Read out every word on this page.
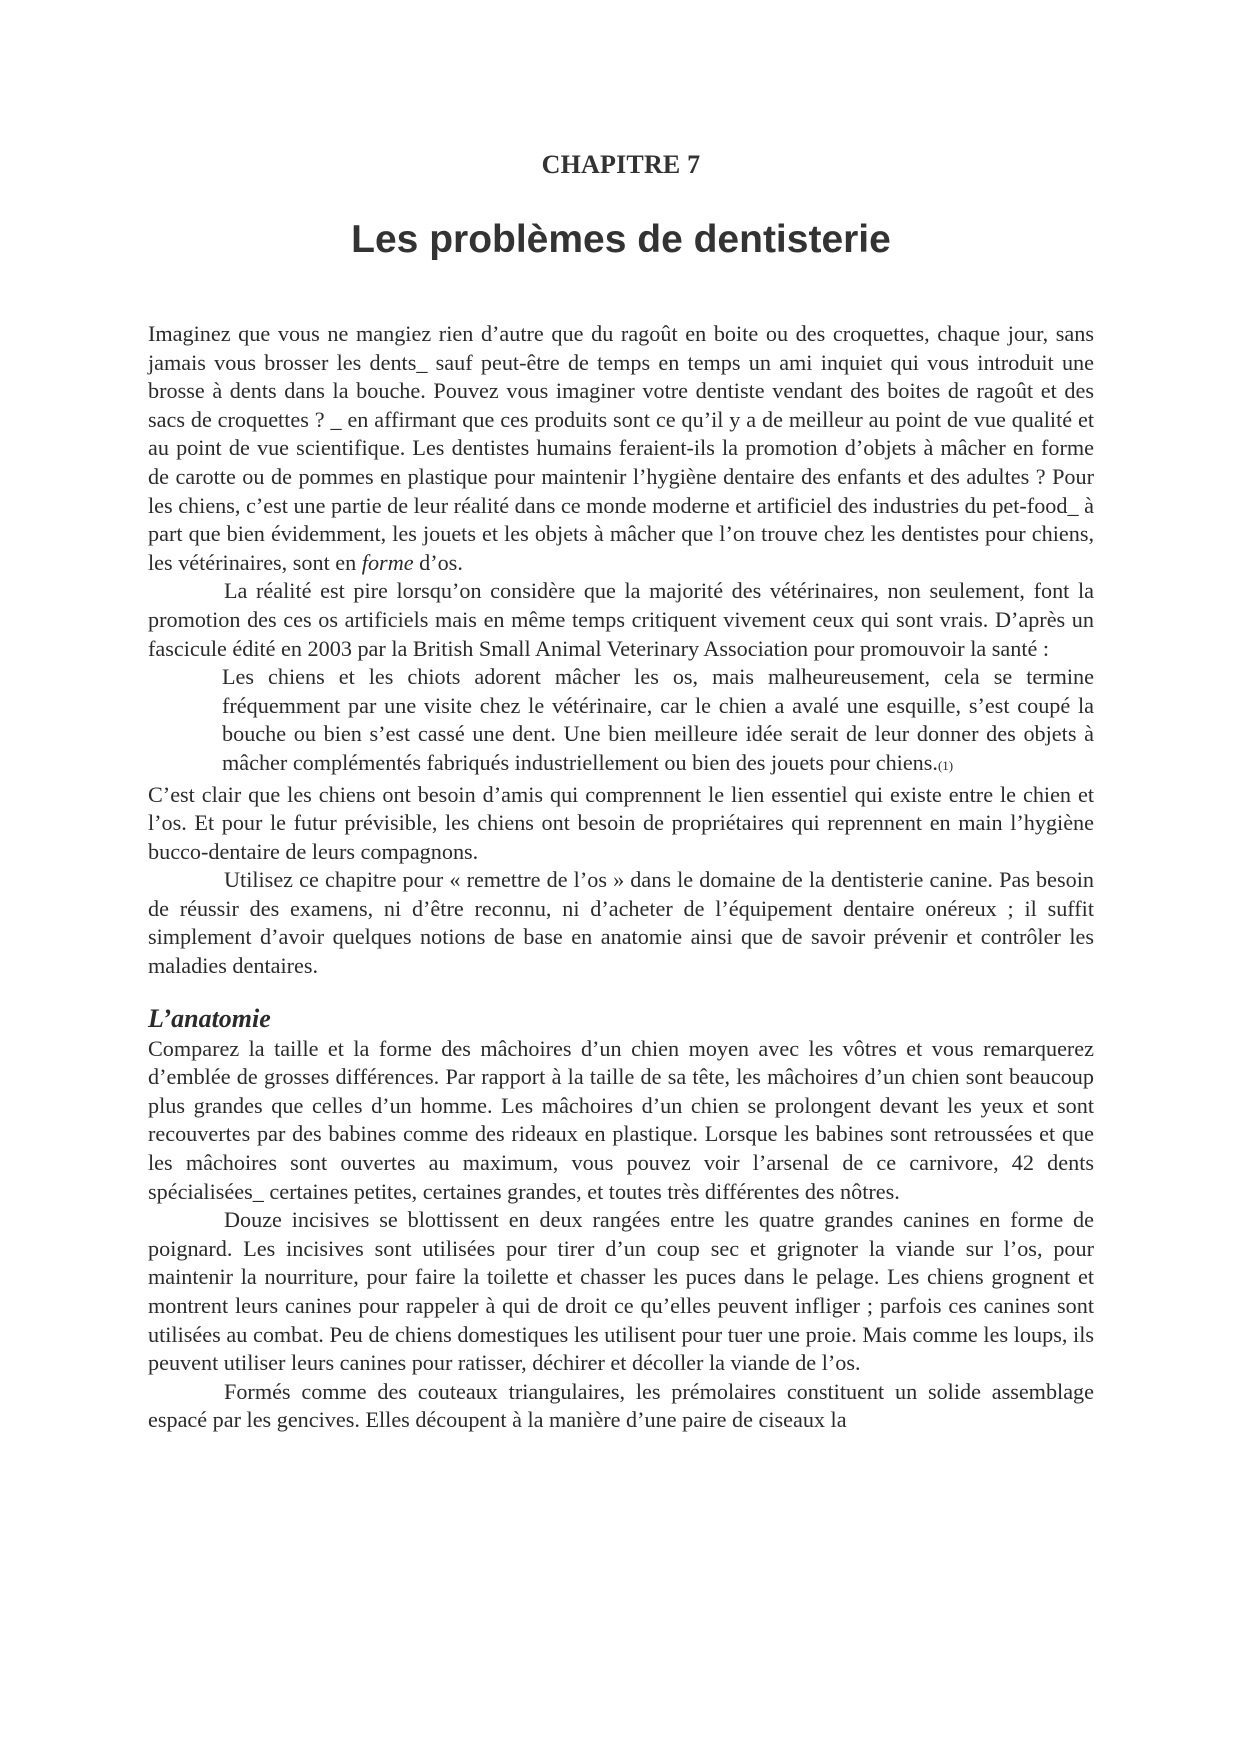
CHAPITRE 7
Les problèmes de dentisterie

Imaginez que vous ne mangiez rien d’autre que du ragoût en boite ou des croquettes, chaque jour, sans jamais vous brosser les dents_ sauf peut-être de temps en temps un ami inquiet qui vous introduit une brosse à dents dans la bouche. Pouvez vous imaginer votre dentiste vendant des boites de ragoût et des sacs de croquettes ? _ en affirmant que ces produits sont ce qu’il y a de meilleur au point de vue qualité et au point de vue scientifique. Les dentistes humains feraient-ils la promotion d’objets à mâcher en forme de carotte ou de pommes en plastique pour maintenir l’hygiène dentaire des enfants et des adultes ? Pour les chiens, c’est une partie de leur réalité dans ce monde moderne et artificiel des industries du pet-food_ à part que bien évidemment, les jouets et les objets à mâcher que l’on trouve chez les dentistes pour chiens, les vétérinaires, sont en forme d’os.

La réalité est pire lorsqu’on considère que la majorité des vétérinaires, non seulement, font la promotion des ces os artificiels mais en même temps critiquent vivement ceux qui sont vrais. D’après un fascicule édité en 2003 par la British Small Animal Veterinary Association pour promouvoir la santé :

Les chiens et les chiots adorent mâcher les os, mais malheureusement, cela se termine fréquemment par une visite chez le vétérinaire, car le chien a avalé une esquille, s’est coupé la bouche ou bien s’est cassé une dent. Une bien meilleure idée serait de leur donner des objets à mâcher complémentés fabriqués industriellement ou bien des jouets pour chiens.(1)

C’est clair que les chiens ont besoin d’amis qui comprennent le lien essentiel qui existe entre le chien et l’os. Et pour le futur prévisible, les chiens ont besoin de propriétaires qui reprennent en main l’hygiène bucco-dentaire de leurs compagnons.

Utilisez ce chapitre pour « remettre de l’os » dans le domaine de la dentisterie canine. Pas besoin de réussir des examens, ni d’être reconnu, ni d’acheter de l’équipement dentaire onéreux ; il suffit simplement d’avoir quelques notions de base en anatomie ainsi que de savoir prévenir et contrôler les maladies dentaires.

L’anatomie

Comparez la taille et la forme des mâchoires d’un chien moyen avec les vôtres et vous remarquerez d’emblée de grosses différences. Par rapport à la taille de sa tête, les mâchoires d’un chien sont beaucoup plus grandes que celles d’un homme. Les mâchoires d’un chien se prolongent devant les yeux et sont recouvertes par des babines comme des rideaux en plastique. Lorsque les babines sont retroussées et que les mâchoires sont ouvertes au maximum, vous pouvez voir l’arsenal de ce carnivore, 42 dents spécialisées_ certaines petites, certaines grandes, et toutes très différentes des nôtres.

Douze incisives se blottissent en deux rangées entre les quatre grandes canines en forme de poignard. Les incisives sont utilisées pour tirer d’un coup sec et grignoter la viande sur l’os, pour maintenir la nourriture, pour faire la toilette et chasser les puces dans le pelage. Les chiens grognent et montrent leurs canines pour rappeler à qui de droit ce qu’elles peuvent infliger ; parfois ces canines sont utilisées au combat. Peu de chiens domestiques les utilisent pour tuer une proie. Mais comme les loups, ils peuvent utiliser leurs canines pour ratisser, déchirer et décoller la viande de l’os.

Formés comme des couteaux triangulaires, les prémolaires constituent un solide assemblage espacé par les gencives. Elles découpent à la manière d’une paire de ciseaux la
